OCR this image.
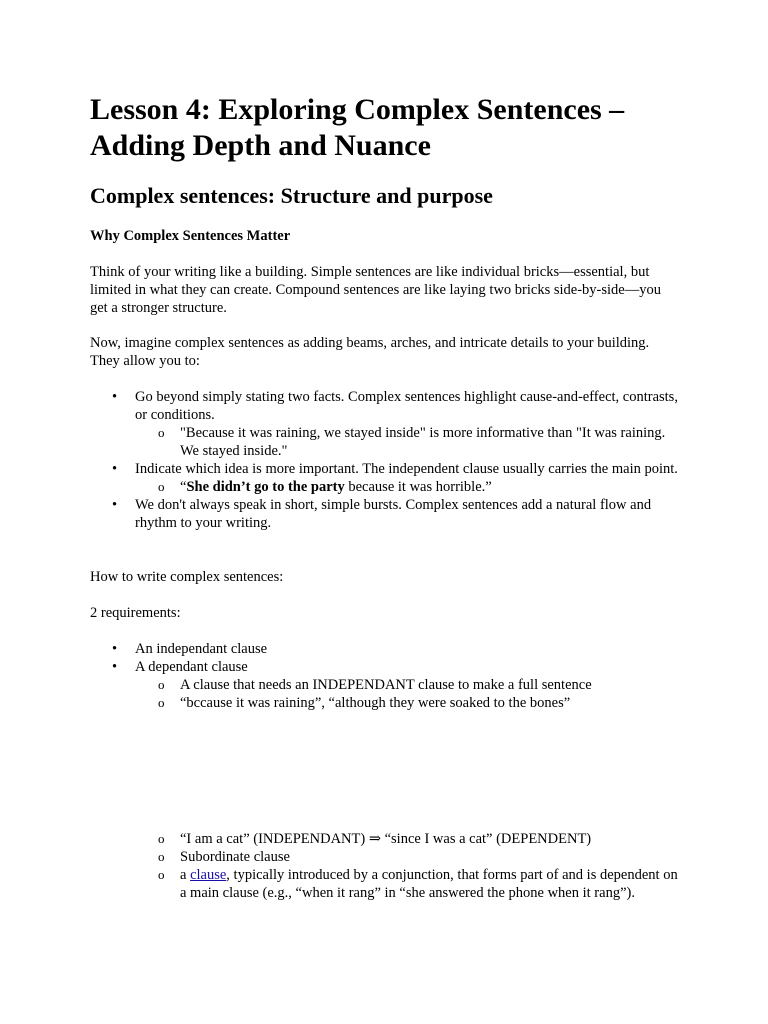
Lesson 4: Exploring Complex Sentences – Adding Depth and Nuance
Complex sentences: Structure and purpose

Why Complex Sentences Matter

Think of your writing like a building. Simple sentences are like individual bricks—essential, but limited in what they can create. Compound sentences are like laying two bricks side-by-side—you get a stronger structure.

Now, imagine complex sentences as adding beams, arches, and intricate details to your building. They allow you to:

• Go beyond simply stating two facts. Complex sentences highlight cause-and-effect, contrasts, or conditions.
o "Because it was raining, we stayed inside" is more informative than "It was raining. We stayed inside."
• Indicate which idea is more important. The independent clause usually carries the main point.
o “She didn’t go to the party because it was horrible.”
• We don't always speak in short, simple bursts. Complex sentences add a natural flow and rhythm to your writing.

How to write complex sentences:

2 requirements:

• An independant clause
• A dependant clause
o A clause that needs an INDEPENDANT clause to make a full sentence
o “bccause it was raining”, “although they were soaked to the bones”
o “I am a cat” (INDEPENDANT) ⇒ “since I was a cat” (DEPENDENT)
o Subordinate clause
o a clause, typically introduced by a conjunction, that forms part of and is dependent on a main clause (e.g., “when it rang” in “she answered the phone when it rang”).
